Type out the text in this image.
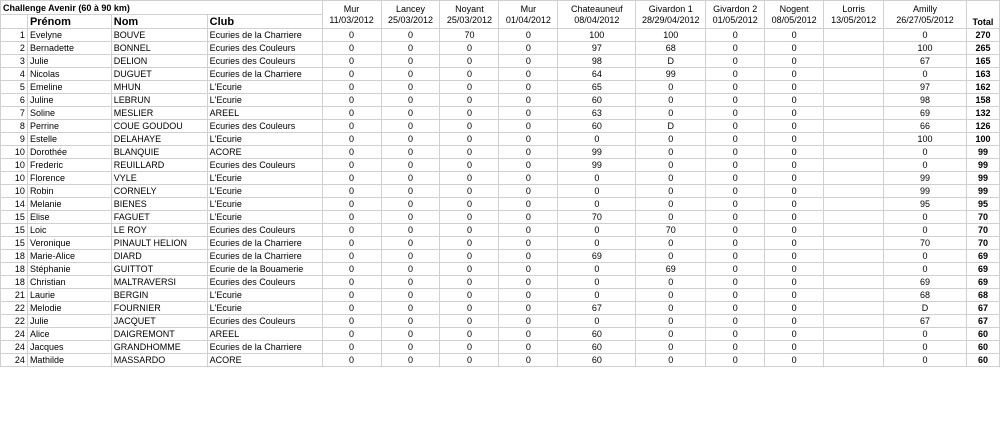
Challenge Avenir (60 à 90 km)				Mur	Lancey	Noyant	Mur	Chateauneuf	Givardon 1	Givardon 2	Nogent	Lorris	Amilly	Total
	Prénom	Nom	Club	11/03/2012	25/03/2012	25/03/2012	01/04/2012	08/04/2012	28/29/04/2012	01/05/2012	08/05/2012	13/05/2012	26/27/05/2012	
1	Evelyne	BOUVE	Ecuries de la Charriere	0	0	70	0	100	100	0	0		0	270
2	Bernadette	BONNEL	Ecuries des Couleurs	0	0	0	0	97	68	0	0		100	265
3	Julie	DELION	Ecuries des Couleurs	0	0	0	0	98	D	0	0		67	165
4	Nicolas	DUGUET	Ecuries de la Charriere	0	0	0	0	64	99	0	0		0	163
5	Emeline	MHUN	L'Ecurie	0	0	0	0	65	0	0	0		97	162
6	Juline	LEBRUN	L'Ecurie	0	0	0	0	60	0	0	0		98	158
7	Soline	MESLIER	AREEL	0	0	0	0	63	0	0	0		69	132
8	Perrine	COUE GOUDOU	Ecuries des Couleurs	0	0	0	0	60	D	0	0		66	126
9	Estelle	DELAHAYE	L'Ecurie	0	0	0	0	0	0	0	0		100	100
10	Dorothée	BLANQUIE	ACORE	0	0	0	0	99	0	0	0		0	99
10	Frederic	REUILLARD	Ecuries des Couleurs	0	0	0	0	99	0	0	0		0	99
10	Florence	VYLE	L'Ecurie	0	0	0	0	0	0	0	0		99	99
10	Robin	CORNELY	L'Ecurie	0	0	0	0	0	0	0	0		99	99
14	Melanie	BIENES	L'Ecurie	0	0	0	0	0	0	0	0		95	95
15	Elise	FAGUET	L'Ecurie	0	0	0	0	70	0	0	0		0	70
15	Loic	LE ROY	Ecuries des Couleurs	0	0	0	0	0	70	0	0		0	70
15	Veronique	PINAULT HELION	Ecuries de la Charriere	0	0	0	0	0	0	0	0		70	70
18	Marie-Alice	DIARD	Ecuries de la Charriere	0	0	0	0	69	0	0	0		0	69
18	Stéphanie	GUITTOT	Ecurie de la Bouamerie	0	0	0	0	0	69	0	0		0	69
18	Christian	MALTRAVERSI	Ecuries des Couleurs	0	0	0	0	0	0	0	0		69	69
21	Laurie	BERGIN	L'Ecurie	0	0	0	0	0	0	0	0		68	68
22	Melodie	FOURNIER	L'Ecurie	0	0	0	0	67	0	0	0		D	67
22	Julie	JACQUET	Ecuries des Couleurs	0	0	0	0	0	0	0	0		67	67
24	Alice	DAIGREMONT	AREEL	0	0	0	0	60	0	0	0		0	60
24	Jacques	GRANDHOMME	Ecuries de la Charriere	0	0	0	0	60	0	0	0		0	60
24	Mathilde	MASSARDO	ACORE	0	0	0	0	60	0	0	0		0	60
